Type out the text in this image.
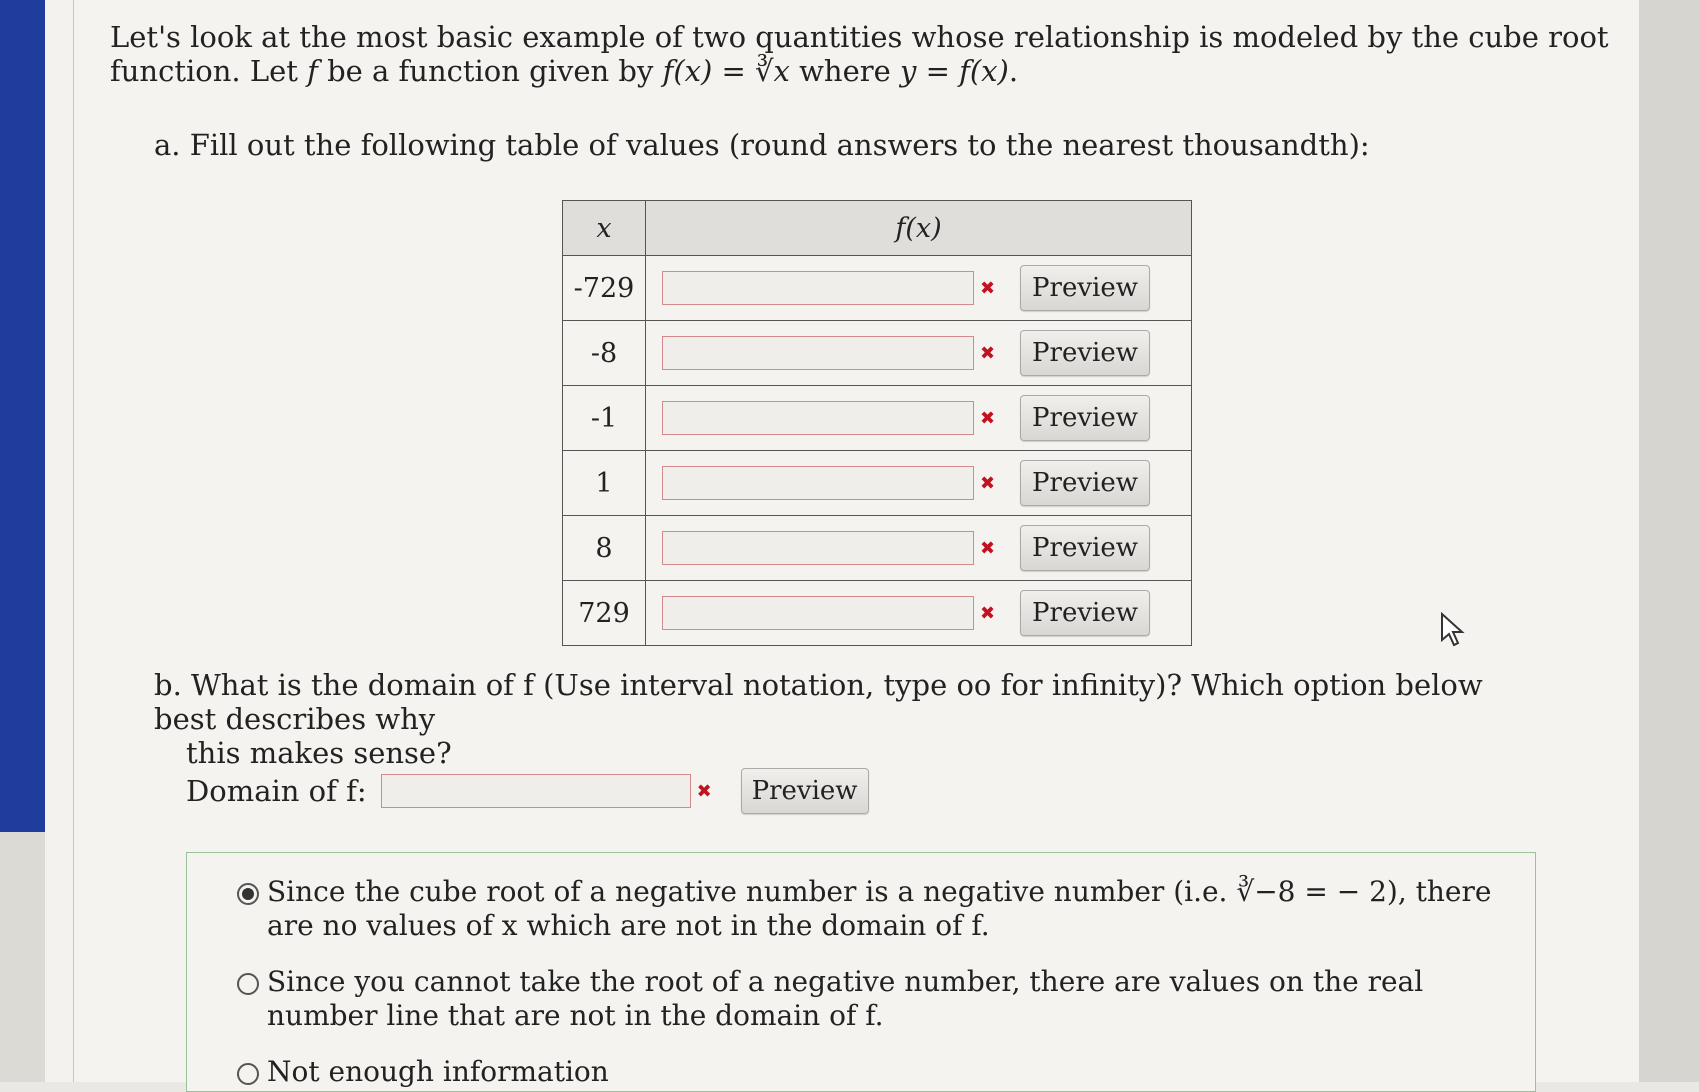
Let's look at the most basic example of two quantities whose relationship is modeled by the cube root function. Let f be a function given by f(x) = ∛x where y = f(x).
a. Fill out the following table of values (round answers to the nearest thousandth):
x	f(x)
-729	✖ Preview

-8	✖ Preview

-1	✖ Preview

1	✖ Preview

8	✖ Preview

729	✖ Preview
b. What is the domain of f (Use interval notation, type oo for infinity)? Which option below best describes why
this makes sense?
Domain of f:	✖	Preview
Since the cube root of a negative number is a negative number (i.e. ∛−8 = − 2), there are no values of x which are not in the domain of f.
Since you cannot take the root of a negative number, there are values on the real number line that are not in the domain of f.
Not enough information
